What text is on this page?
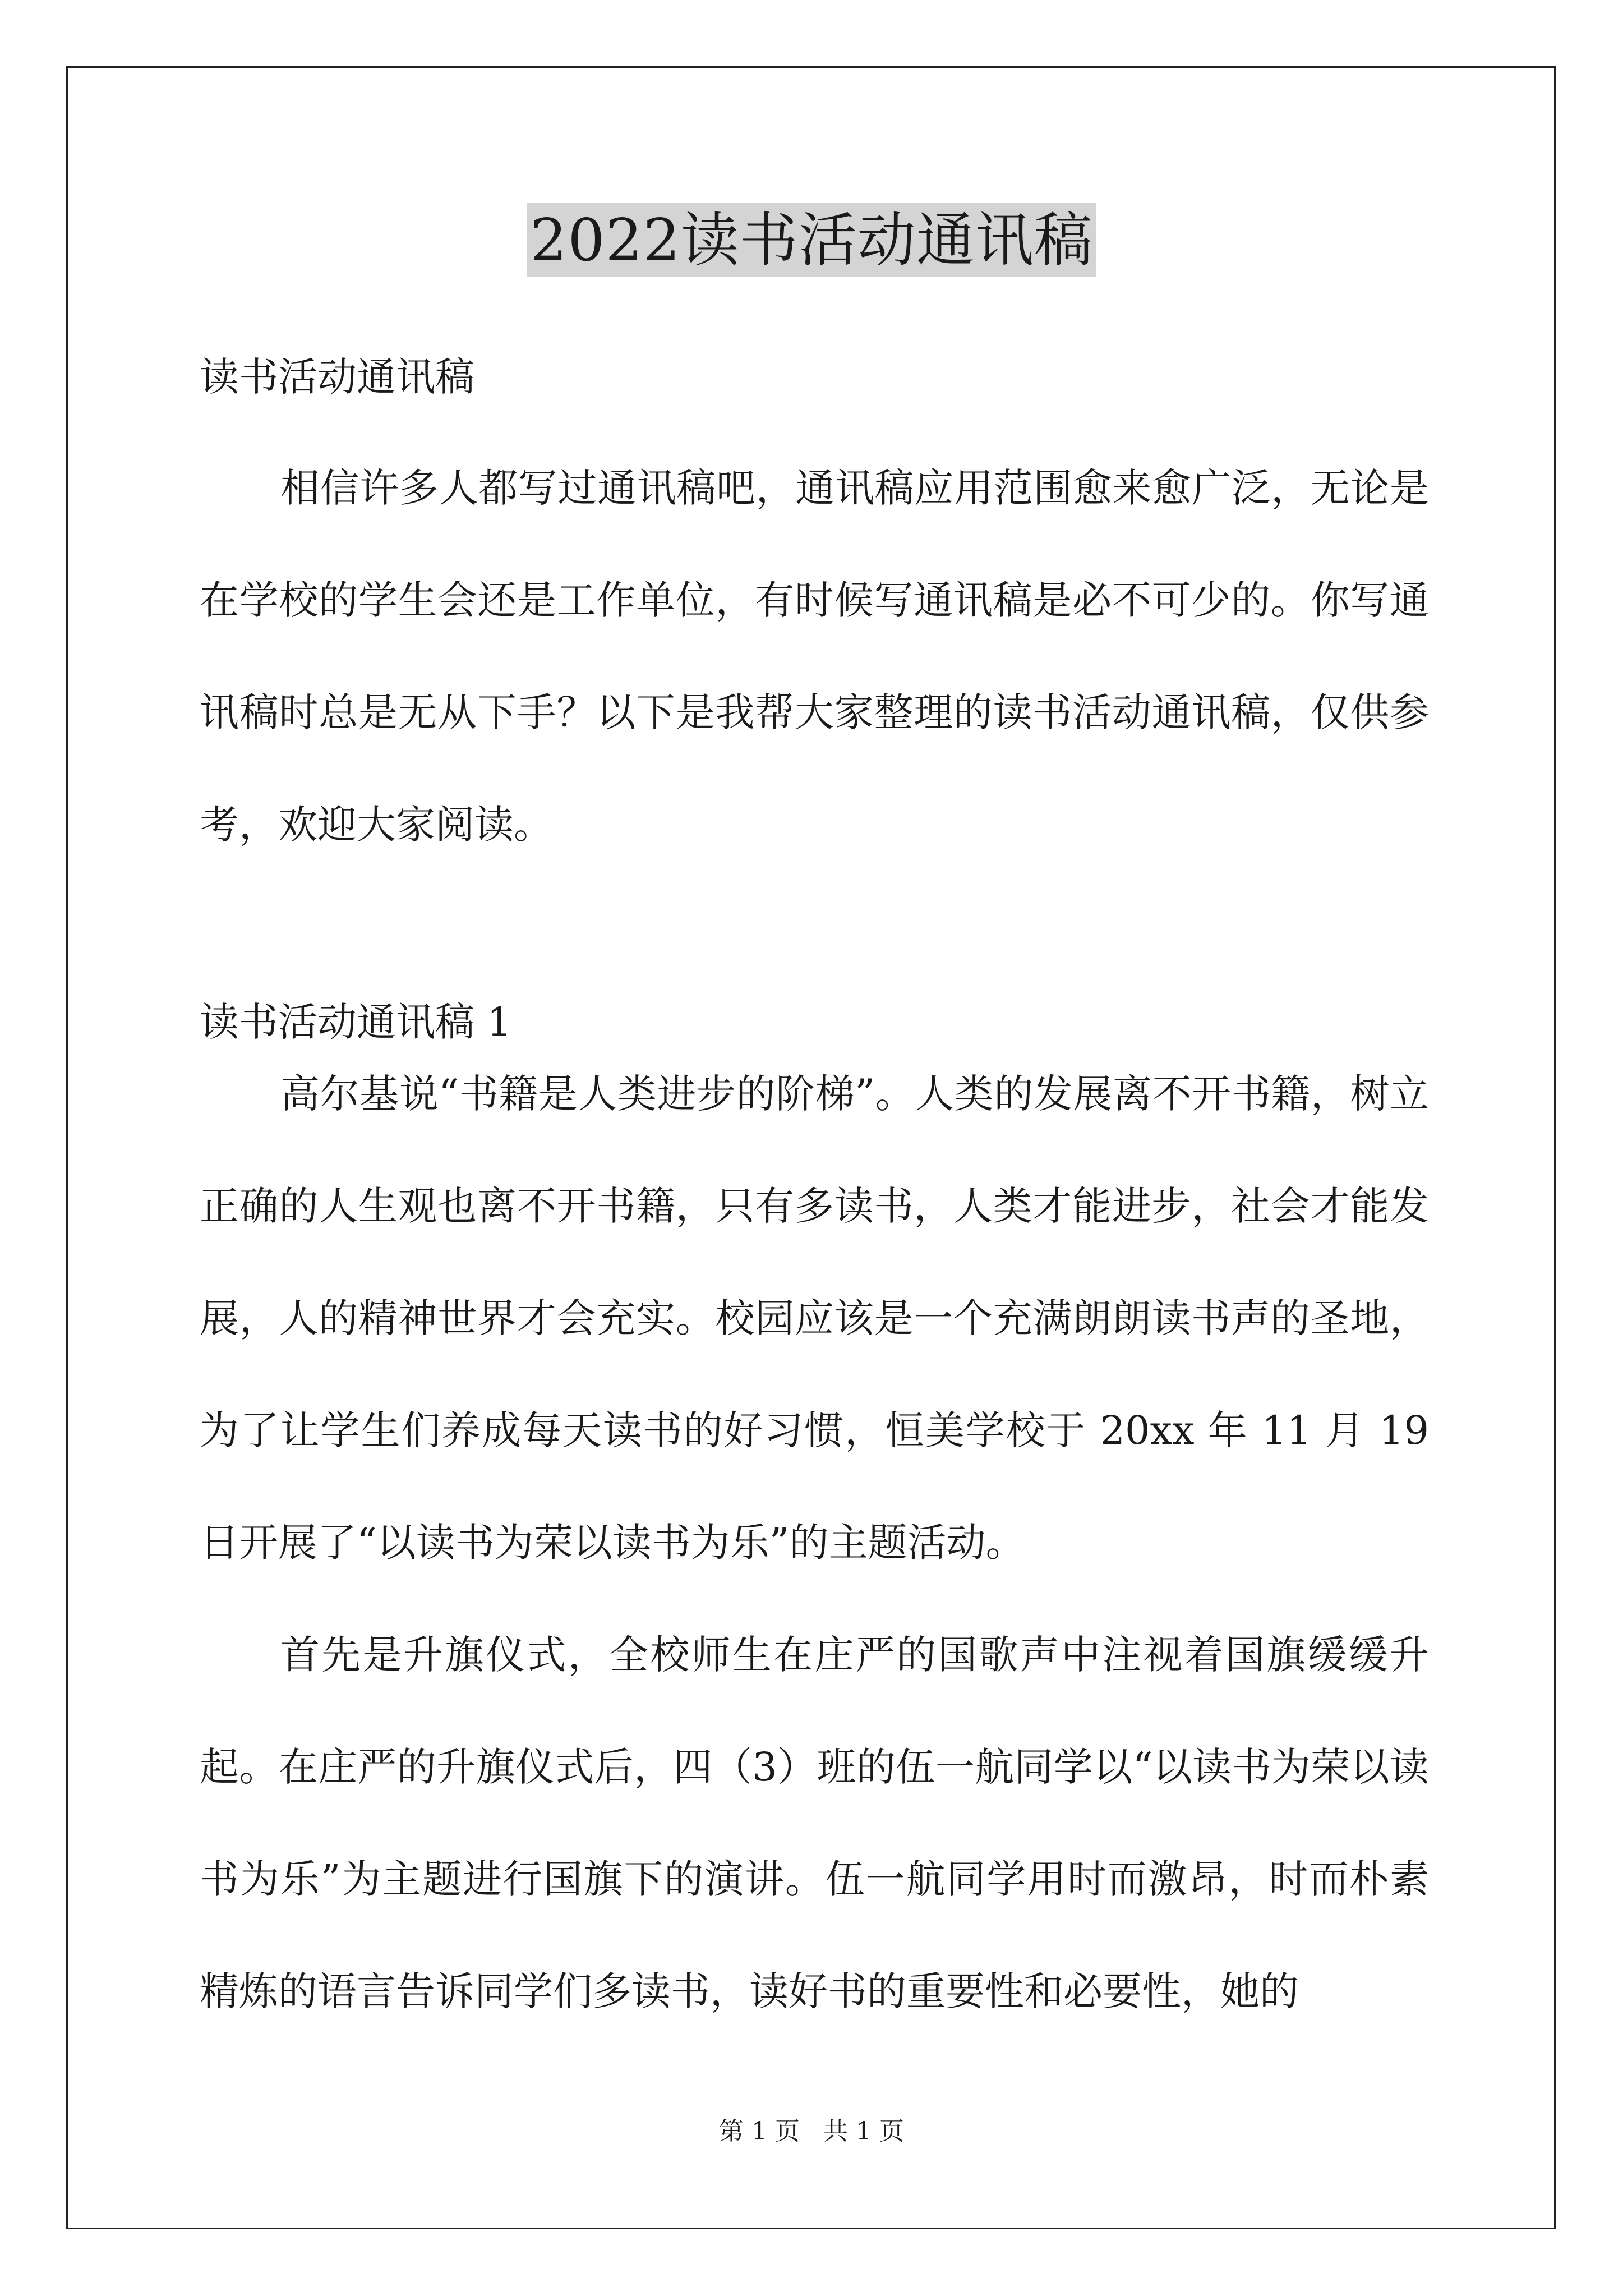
2022读书活动通讯稿

读书活动通讯稿

相信许多人都写过通讯稿吧，通讯稿应用范围愈来愈广泛，无论是在学校的学生会还是工作单位，有时候写通讯稿是必不可少的。你写通讯稿时总是无从下手？以下是我帮大家整理的读书活动通讯稿，仅供参考，欢迎大家阅读。

读书活动通讯稿 1

高尔基说“书籍是人类进步的阶梯”。人类的发展离不开书籍，树立正确的人生观也离不开书籍，只有多读书，人类才能进步，社会才能发展，人的精神世界才会充实。校园应该是一个充满朗朗读书声的圣地，为了让学生们养成每天读书的好习惯，恒美学校于 20xx 年 11 月 19 日开展了“以读书为荣以读书为乐”的主题活动。

首先是升旗仪式，全校师生在庄严的国歌声中注视着国旗缓缓升起。在庄严的升旗仪式后，四（3）班的伍一航同学以“以读书为荣以读书为乐”为主题进行国旗下的演讲。伍一航同学用时而激昂，时而朴素精炼的语言告诉同学们多读书，读好书的重要性和必要性，她的

第 1 页   共 1 页
